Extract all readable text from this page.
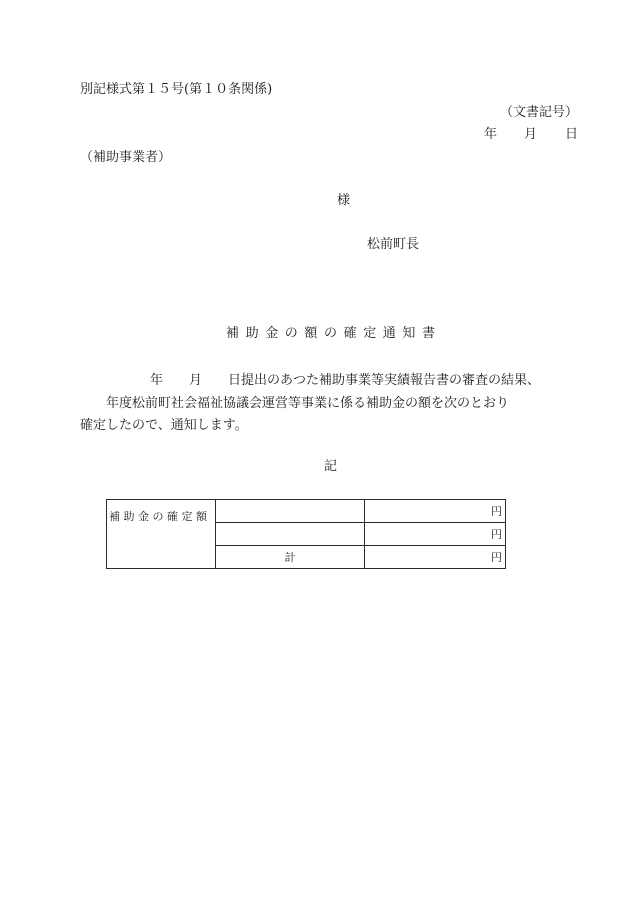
別記様式第１５号(第１０条関係)
（文書記号）
年 月 日
（補助事業者）
様
松前町長
補助金の額の確定通知書
年　　月　　日提出のあつた補助事業等実績報告書の審査の結果、
年度松前町社会福祉協議会運営等事業に係る補助金の額を次のとおり
確定したので、通知します。
記
補助金の確定額		円
		円
	計	円
